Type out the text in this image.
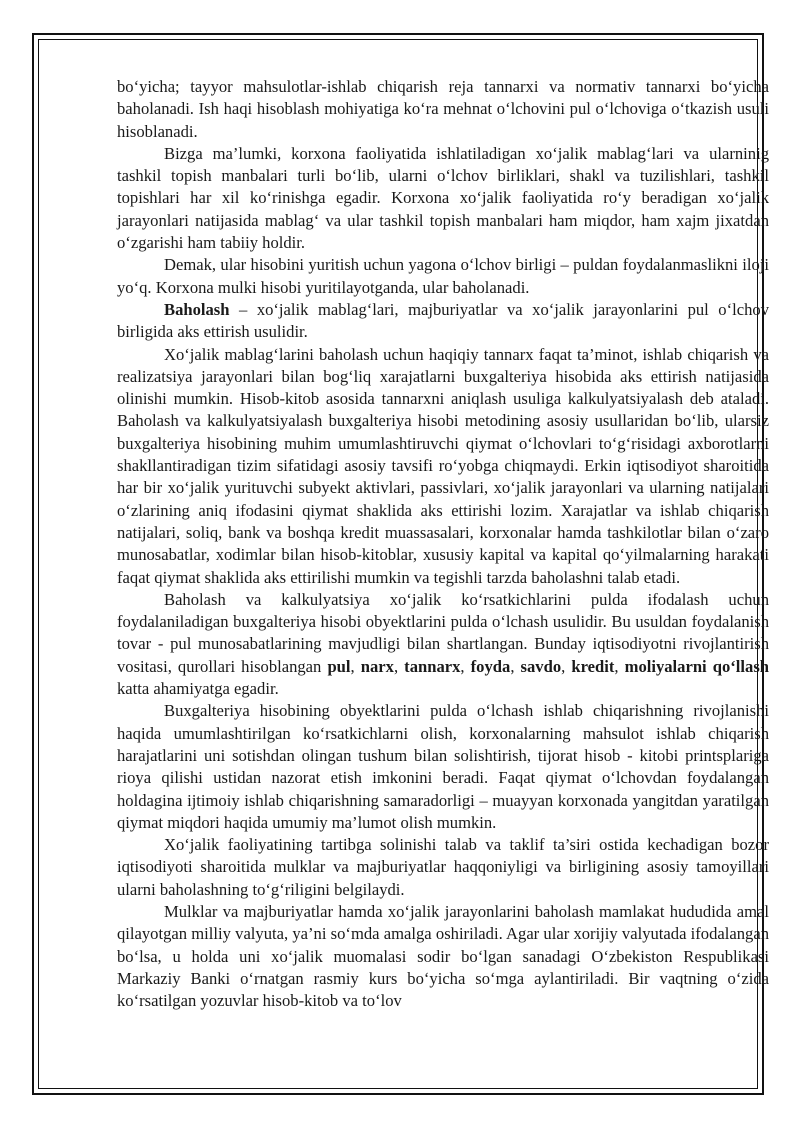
bo‘yicha; tayyor mahsulotlar-ishlab chiqarish reja tannarxi va normativ tannarxi bo‘yicha baholanadi. Ish haqi hisoblash mohiyatiga ko‘ra mehnat o‘lchovini pul o‘lchoviga o‘tkazish usuli hisoblanadi.

Bizga ma’lumki, korxona faoliyatida ishlatiladigan xo‘jalik mablag‘lari va ularninig tashkil topish manbalari turli bo‘lib, ularni o‘lchov birliklari, shakl va tuzilishlari, tashkil topishlari har xil ko‘rinishga egadir. Korxona xo‘jalik faoliyatida ro‘y beradigan xo‘jalik jarayonlari natijasida mablag‘ va ular tashkil topish manbalari ham miqdor, ham xajm jixatdan o‘zgarishi ham tabiiy holdir.

Demak, ular hisobini yuritish uchun yagona o‘lchov birligi – puldan foydalanmaslikni iloji yo‘q. Korxona mulki hisobi yuritilayotganda, ular baholanadi.

Baholash – xo‘jalik mablag‘lari, majburiyatlar va xo‘jalik jarayonlarini pul o‘lchov birligida aks ettirish usulidir.

Xo‘jalik mablag‘larini baholash uchun haqiqiy tannarx faqat ta’minot, ishlab chiqarish va realizatsiya jarayonlari bilan bog‘liq xarajatlarni buxgalteriya hisobida aks ettirish natijasida olinishi mumkin. Hisob-kitob asosida tannarxni aniqlash usuliga kalkulyatsiyalash deb ataladi. Baholash va kalkulyatsiyalash buxgalteriya hisobi metodining asosiy usullaridan bo‘lib, ularsiz buxgalteriya hisobining muhim umumlashtiruvchi qiymat o‘lchovlari to‘g‘risidagi axborotlarni shakllantiradigan tizim sifatidagi asosiy tavsifi ro‘yobga chiqmaydi. Erkin iqtisodiyot sharoitida har bir xo‘jalik yurituvchi subyekt aktivlari, passivlari, xo‘jalik jarayonlari va ularning natijalari o‘zlarining aniq ifodasini qiymat shaklida aks ettirishi lozim. Xarajatlar va ishlab chiqarish natijalari, soliq, bank va boshqa kredit muassasalari, korxonalar hamda tashkilotlar bilan o‘zaro munosabatlar, xodimlar bilan hisob-kitoblar, xususiy kapital va kapital qo‘yilmalarning harakati faqat qiymat shaklida aks ettirilishi mumkin va tegishli tarzda baholashni talab etadi.

Baholash va kalkulyatsiya xo‘jalik ko‘rsatkichlarini pulda ifodalash uchun foydalaniladigan buxgalteriya hisobi obyektlarini pulda o‘lchash usulidir. Bu usuldan foydalanish tovar - pul munosabatlarining mavjudligi bilan shartlangan. Bunday iqtisodiyotni rivojlantirish vositasi, qurollari hisoblangan pul, narx, tannarx, foyda, savdo, kredit, moliyalarni qo‘llash katta ahamiyatga egadir.

Buxgalteriya hisobining obyektlarini pulda o‘lchash ishlab chiqarishning rivojlanishi haqida umumlashtirilgan ko‘rsatkichlarni olish, korxonalarning mahsulot ishlab chiqarish harajatlarini uni sotishdan olingan tushum bilan solishtirish, tijorat hisob - kitobi printsplariga rioya qilishi ustidan nazorat etish imkonini beradi. Faqat qiymat o‘lchovdan foydalangan holdagina ijtimoiy ishlab chiqarishning samaradorligi – muayyan korxonada yangitdan yaratilgan qiymat miqdori haqida umumiy ma’lumot olish mumkin.

Xo‘jalik faoliyatining tartibga solinishi talab va taklif ta’siri ostida kechadigan bozor iqtisodiyoti sharoitida mulklar va majburiyatlar haqqoniyligi va birligining asosiy tamoyillari ularni baholashning to‘g‘riligini belgilaydi.

Mulklar va majburiyatlar hamda xo‘jalik jarayonlarini baholash mamlakat hududida amal qilayotgan milliy valyuta, ya’ni so‘mda amalga oshiriladi. Agar ular xorijiy valyutada ifodalangan bo‘lsa, u holda uni xo‘jalik muomalasi sodir bo‘lgan sanadagi O‘zbekiston Respublikasi Markaziy Banki o‘rnatgan rasmiy kurs bo‘yicha so‘mga aylantiriladi. Bir vaqtning o‘zida ko‘rsatilgan yozuvlar hisob-kitob va to‘lov
